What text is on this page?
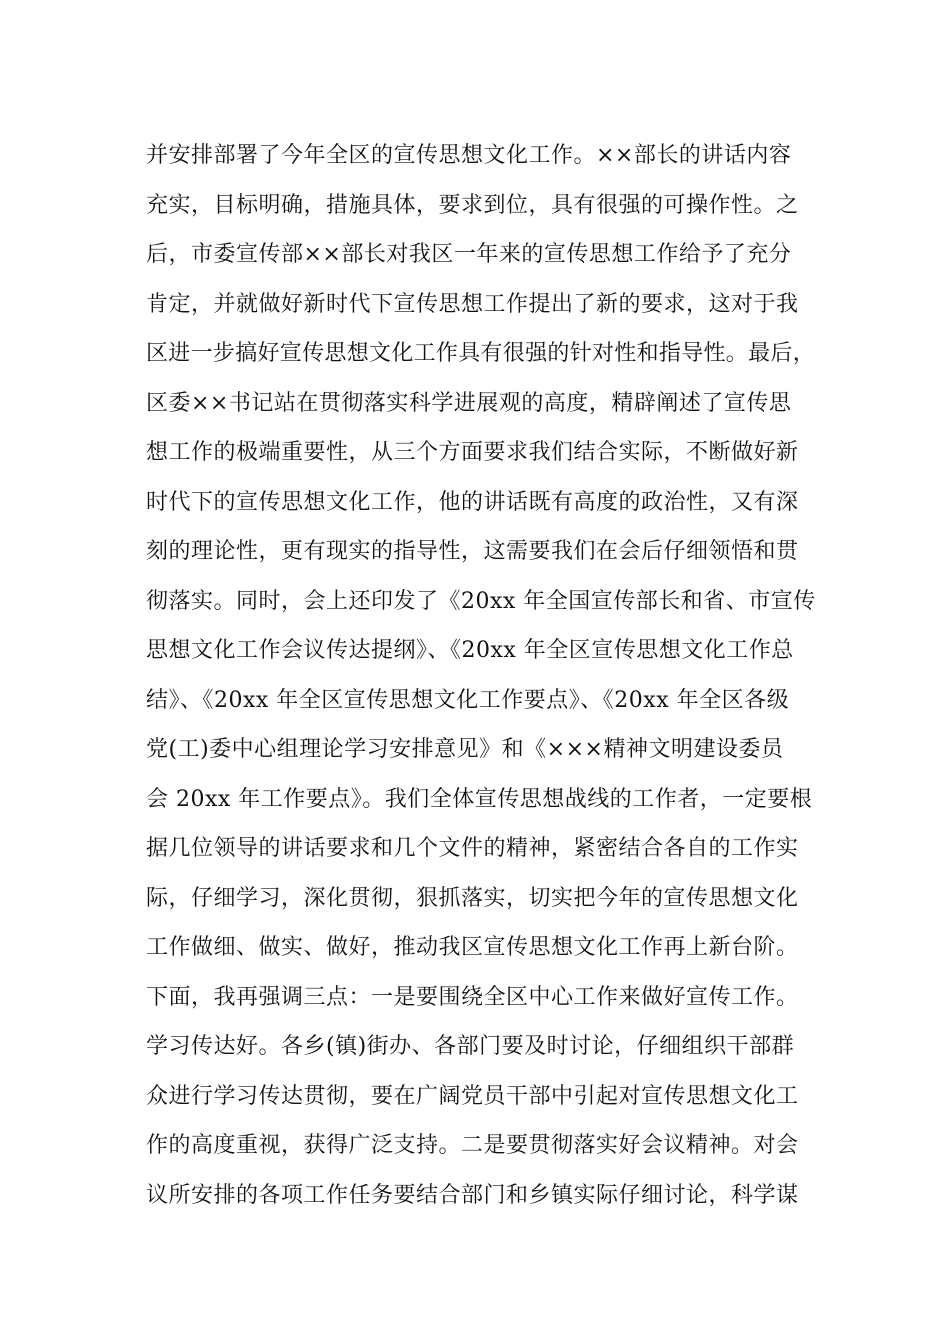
并安排部署了今年全区的宣传思想文化工作。××部长的讲话内容
充实，目标明确，措施具体，要求到位，具有很强的可操作性。之
后，市委宣传部××部长对我区一年来的宣传思想工作给予了充分
肯定，并就做好新时代下宣传思想工作提出了新的要求，这对于我
区进一步搞好宣传思想文化工作具有很强的针对性和指导性。最后，
区委××书记站在贯彻落实科学进展观的高度，精辟阐述了宣传思
想工作的极端重要性，从三个方面要求我们结合实际，不断做好新
时代下的宣传思想文化工作，他的讲话既有高度的政治性，又有深
刻的理论性，更有现实的指导性，这需要我们在会后仔细领悟和贯
彻落实。同时，会上还印发了《20xx 年全国宣传部长和省、市宣传
思想文化工作会议传达提纲》、《20xx 年全区宣传思想文化工作总
结》、《20xx 年全区宣传思想文化工作要点》、《20xx 年全区各级
党(工)委中心组理论学习安排意见》和《×××精神文明建设委员
会 20xx 年工作要点》。我们全体宣传思想战线的工作者，一定要根
据几位领导的讲话要求和几个文件的精神，紧密结合各自的工作实
际，仔细学习，深化贯彻，狠抓落实，切实把今年的宣传思想文化
工作做细、做实、做好，推动我区宣传思想文化工作再上新台阶。
下面，我再强调三点：一是要围绕全区中心工作来做好宣传工作。
学习传达好。各乡(镇)街办、各部门要及时讨论，仔细组织干部群
众进行学习传达贯彻，要在广阔党员干部中引起对宣传思想文化工
作的高度重视，获得广泛支持。二是要贯彻落实好会议精神。对会
议所安排的各项工作任务要结合部门和乡镇实际仔细讨论，科学谋
